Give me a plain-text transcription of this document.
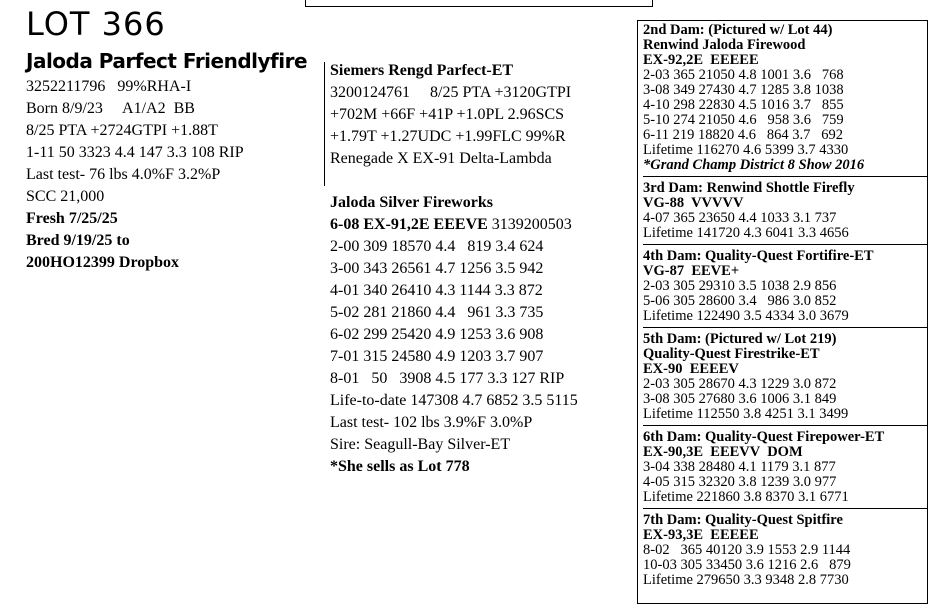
LOT 366
Jaloda Parfect Friendlyfire
3252211796   99%RHA-I
Born 8/9/23     A1/A2  BB
8/25 PTA +2724GTPI +1.88T
1-11 50 3323 4.4 147 3.3 108 RIP
Last test- 76 lbs 4.0%F 3.2%P
SCC 21,000
Fresh 7/25/25
Bred 9/19/25 to
200HO12399 Dropbox
Siemers Rengd Parfect-ET
3200124761     8/25 PTA +3120GTPI
+702M +66F +41P +1.0PL 2.96SCS
+1.79T +1.27UDC +1.99FLC 99%R
Renegade X EX-91 Delta-Lambda
Jaloda Silver Fireworks
6-08 EX-91,2E EEEVE 3139200503
2-00 309 18570 4.4   819 3.4 624
3-00 343 26561 4.7 1256 3.5 942
4-01 340 26410 4.3 1144 3.3 872
5-02 281 21860 4.4   961 3.3 735
6-02 299 25420 4.9 1253 3.6 908
7-01 315 24580 4.9 1203 3.7 907
8-01   50   3908 4.5 177 3.3 127 RIP
Life-to-date 147308 4.7 6852 3.5 5115
Last test- 102 lbs 3.9%F 3.0%P
Sire: Seagull-Bay Silver-ET
*She sells as Lot 778
2nd Dam: (Pictured w/ Lot 44)
Renwind Jaloda Firewood
EX-92,2E  EEEEE
2-03 365 21050 4.8 1001 3.6   768
3-08 349 27430 4.7 1285 3.8 1038
4-10 298 22830 4.5 1016 3.7   855
5-10 274 21050 4.6   958 3.6   759
6-11 219 18820 4.6   864 3.7   692
Lifetime 116270 4.6 5399 3.7 4330
*Grand Champ District 8 Show 2016
3rd Dam: Renwind Shottle Firefly
VG-88  VVVVV
4-07 365 23650 4.4 1033 3.1 737
Lifetime 141720 4.3 6041 3.3 4656
4th Dam: Quality-Quest Fortifire-ET
VG-87  EEVE+
2-03 305 29310 3.5 1038 2.9 856
5-06 305 28600 3.4   986 3.0 852
Lifetime 122490 3.5 4334 3.0 3679
5th Dam: (Pictured w/ Lot 219)
Quality-Quest Firestrike-ET
EX-90  EEEEV
2-03 305 28670 4.3 1229 3.0 872
3-08 305 27680 3.6 1006 3.1 849
Lifetime 112550 3.8 4251 3.1 3499
6th Dam: Quality-Quest Firepower-ET
EX-90,3E  EEEVV  DOM
3-04 338 28480 4.1 1179 3.1 877
4-05 315 32320 3.8 1239 3.0 977
Lifetime 221860 3.8 8370 3.1 6771
7th Dam: Quality-Quest Spitfire
EX-93,3E  EEEEE
8-02   365 40120 3.9 1553 2.9 1144
10-03 305 33450 3.6 1216 2.6   879
Lifetime 279650 3.3 9348 2.8 7730
